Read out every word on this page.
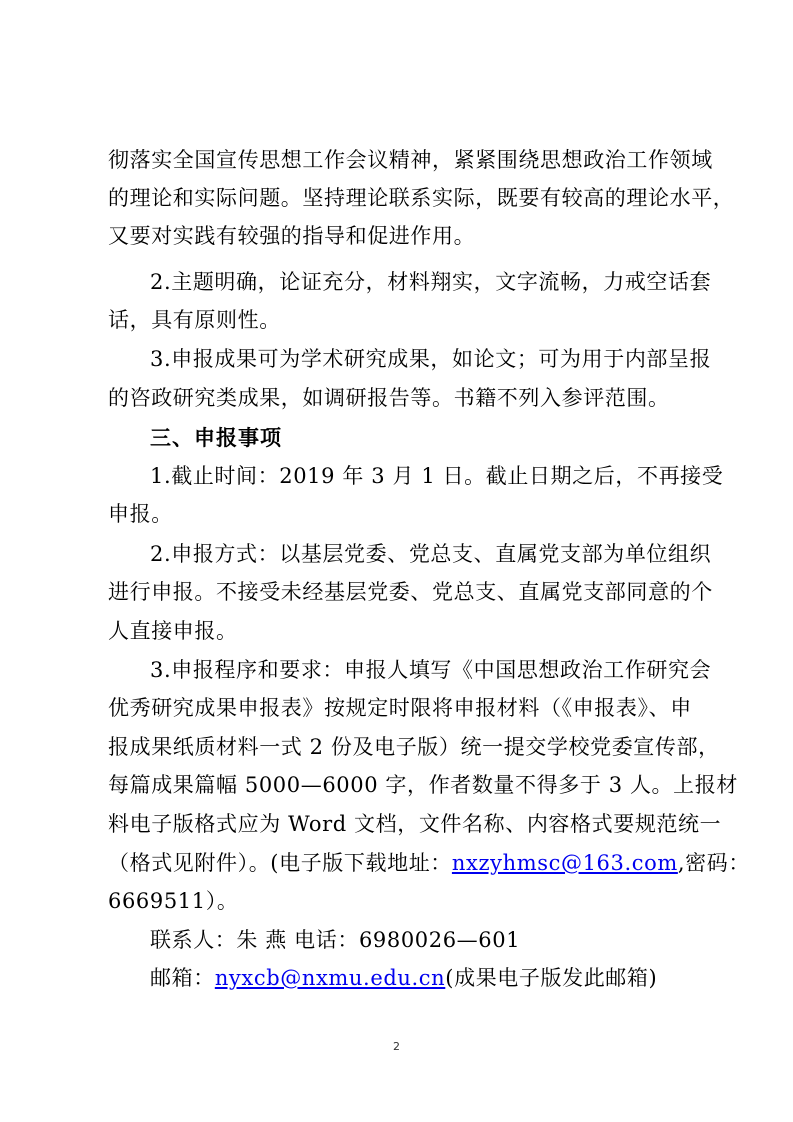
彻落实全国宣传思想工作会议精神，紧紧围绕思想政治工作领域
的理论和实际问题。坚持理论联系实际，既要有较高的理论水平，
又要对实践有较强的指导和促进作用。
2.主题明确，论证充分，材料翔实，文字流畅，力戒空话套
话，具有原则性。
3.申报成果可为学术研究成果，如论文；可为用于内部呈报
的咨政研究类成果，如调研报告等。书籍不列入参评范围。
三、申报事项
1.截止时间：2019 年 3 月 1 日。截止日期之后，不再接受
申报。
2.申报方式：以基层党委、党总支、直属党支部为单位组织
进行申报。不接受未经基层党委、党总支、直属党支部同意的个
人直接申报。
3.申报程序和要求：申报人填写《中国思想政治工作研究会
优秀研究成果申报表》按规定时限将申报材料（《申报表》、申
报成果纸质材料一式 2 份及电子版）统一提交学校党委宣传部，
每篇成果篇幅 5000—6000 字，作者数量不得多于 3 人。上报材
料电子版格式应为 Word 文档，文件名称、内容格式要规范统一
（格式见附件）。(电子版下载地址：nxzyhmsc@163.com,密码：
6669511）。
联系人：朱 燕 电话：6980026—601
邮箱：nyxcb@nxmu.edu.cn(成果电子版发此邮箱)
2
